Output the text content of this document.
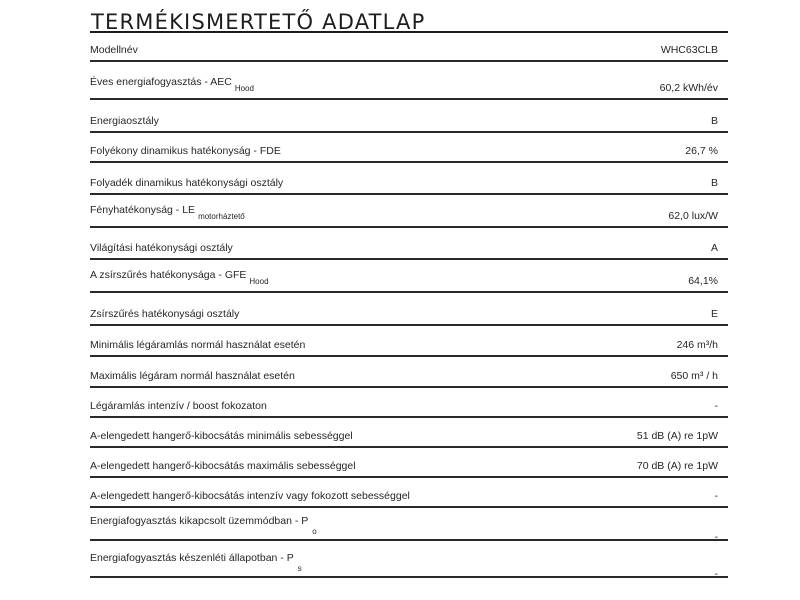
TERMÉKISMERTETŐ ADATLAP
Modellnév	WHC63CLB
Éves energiafogyasztás - $AEC_{Hood}$	60,2 kWh/év
Energiaosztály	B
Folyékony dinamikus hatékonyság - FDE	26,7 %
Folyadék dinamikus hatékonysági osztály	B
Fényhatékonyság - $LE_{motorháztető}$	62,0 lux/W
Világítási hatékonysági osztály	A
A zsírszűrés hatékonysága - $GFE_{Hood}$	64,1%
Zsírszűrés hatékonysági osztály	E
Minimális légáramlás normál használat esetén	246 m³/h
Maximális légáram normál használat esetén	650 m³ / h
Légáramlás intenzív / boost fokozaton	-
A-elengedett hangerő-kibocsátás minimális sebességgel	51 dB (A) re 1pW
A-elengedett hangerő-kibocsátás maximális sebességgel	70 dB (A) re 1pW
A-elengedett hangerő-kibocsátás intenzív vagy fokozott sebességgel	-
Energiafogyasztás kikapcsolt üzemmódban - $P_o$	-
Energiafogyasztás készenléti állapotban - $P_s$	-
